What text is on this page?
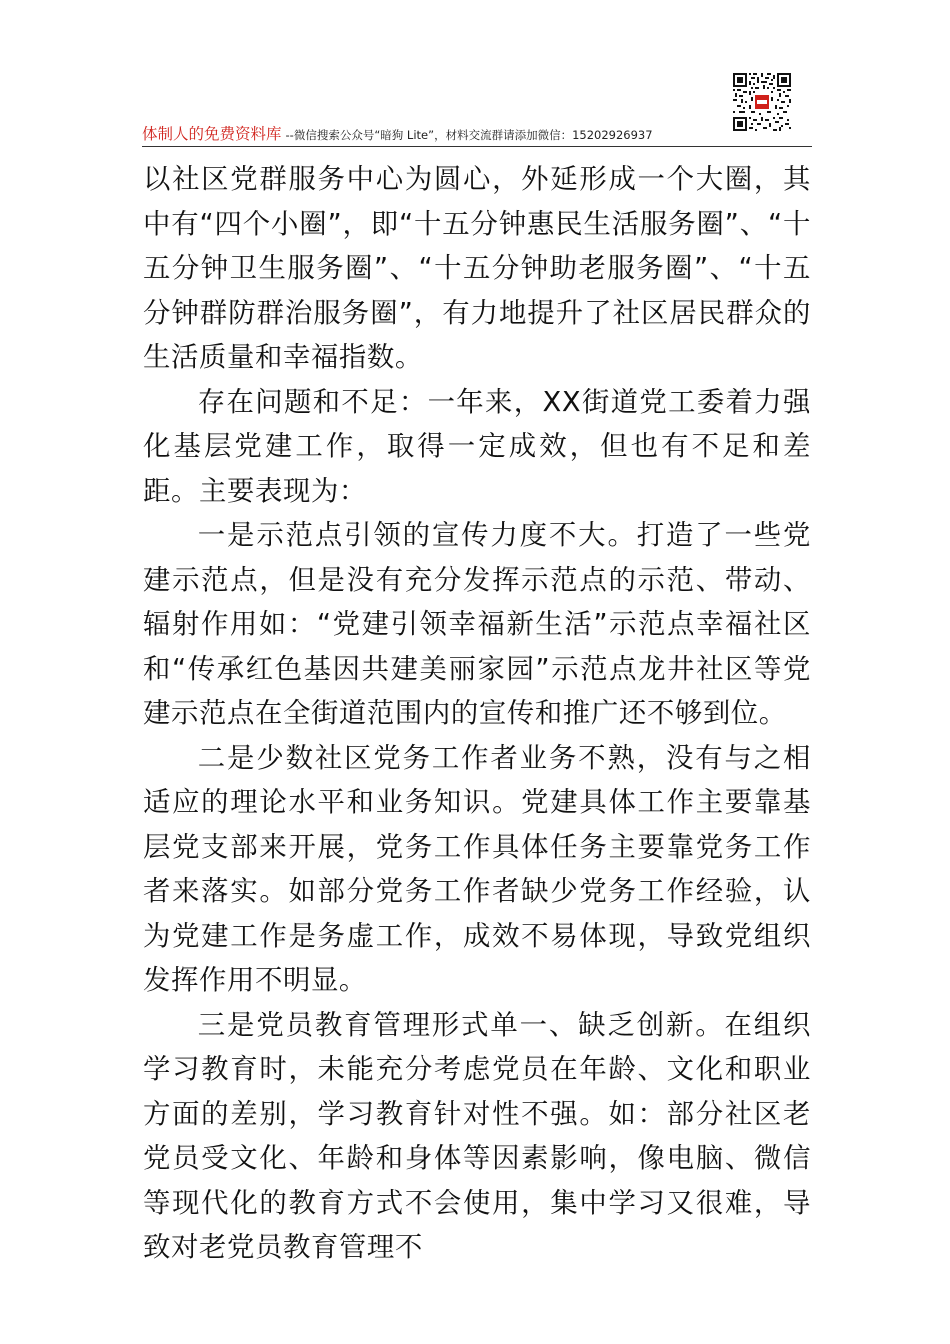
体制人的免费资料库 --微信搜索公众号“暗狗 Lite”，材料交流群请添加微信：15202926937

以社区党群服务中心为圆心，外延形成一个大圈，其中有“四个小圈”，即“十五分钟惠民生活服务圈”、“十五分钟卫生服务圈”、“十五分钟助老服务圈”、“十五分钟群防群治服务圈”，有力地提升了社区居民群众的生活质量和幸福指数。

存在问题和不足：一年来，XX街道党工委着力强化基层党建工作，取得一定成效，但也有不足和差距。主要表现为：

一是示范点引领的宣传力度不大。打造了一些党建示范点，但是没有充分发挥示范点的示范、带动、辐射作用如：“党建引领幸福新生活”示范点幸福社区和“传承红色基因共建美丽家园”示范点龙井社区等党建示范点在全街道范围内的宣传和推广还不够到位。

二是少数社区党务工作者业务不熟，没有与之相适应的理论水平和业务知识。党建具体工作主要靠基层党支部来开展，党务工作具体任务主要靠党务工作者来落实。如部分党务工作者缺少党务工作经验，认为党建工作是务虚工作，成效不易体现，导致党组织发挥作用不明显。

三是党员教育管理形式单一、缺乏创新。在组织学习教育时，未能充分考虑党员在年龄、文化和职业方面的差别，学习教育针对性不强。如：部分社区老党员受文化、年龄和身体等因素影响，像电脑、微信等现代化的教育方式不会使用，集中学习又很难，导致对老党员教育管理不
